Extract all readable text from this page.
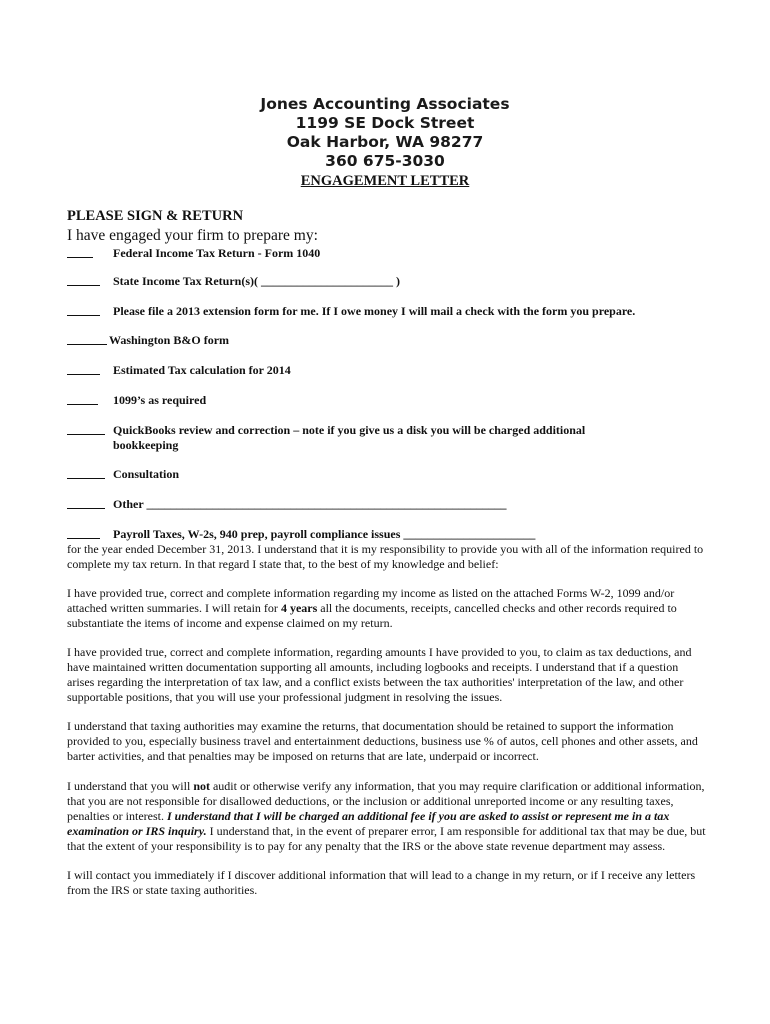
Jones Accounting Associates
1199 SE Dock Street
Oak Harbor, WA 98277
360 675-3030
ENGAGEMENT LETTER
PLEASE SIGN & RETURN
I have engaged your firm to prepare my:
Federal Income Tax Return - Form 1040
State Income Tax Return(s)( ______________________ )
Please file a 2013 extension form for me. If I owe money I will mail a check with the form you prepare.
Washington B&O form
Estimated Tax calculation for 2014
1099’s as required
QuickBooks review and correction – note if you give us a disk you will be charged additional
bookkeeping
Consultation
Other ____________________________________________________________
Payroll Taxes, W-2s, 940 prep, payroll compliance issues ______________________
for the year ended December 31, 2013. I understand that it is my responsibility to provide you with all of the information required to complete my tax return. In that regard I state that, to the best of my knowledge and belief:
I have provided true, correct and complete information regarding my income as listed on the attached Forms W-2, 1099 and/or attached written summaries. I will retain for 4 years all the documents, receipts, cancelled checks and other records required to substantiate the items of income and expense claimed on my return.
I have provided true, correct and complete information, regarding amounts I have provided to you, to claim as tax deductions, and have maintained written documentation supporting all amounts, including logbooks and receipts. I understand that if a question arises regarding the interpretation of tax law, and a conflict exists between the tax authorities' interpretation of the law, and other supportable positions, that you will use your professional judgment in resolving the issues.
I understand that taxing authorities may examine the returns, that documentation should be retained to support the information provided to you, especially business travel and entertainment deductions, business use % of autos, cell phones and other assets, and barter activities, and that penalties may be imposed on returns that are late, underpaid or incorrect.
I understand that you will not audit or otherwise verify any information, that you may require clarification or additional information, that you are not responsible for disallowed deductions, or the inclusion or additional unreported income or any resulting taxes, penalties or interest. I understand that I will be charged an additional fee if you are asked to assist or represent me in a tax examination or IRS inquiry. I understand that, in the event of preparer error, I am responsible for additional tax that may be due, but that the extent of your responsibility is to pay for any penalty that the IRS or the above state revenue department may assess.
I will contact you immediately if I discover additional information that will lead to a change in my return, or if I receive any letters from the IRS or state taxing authorities.
